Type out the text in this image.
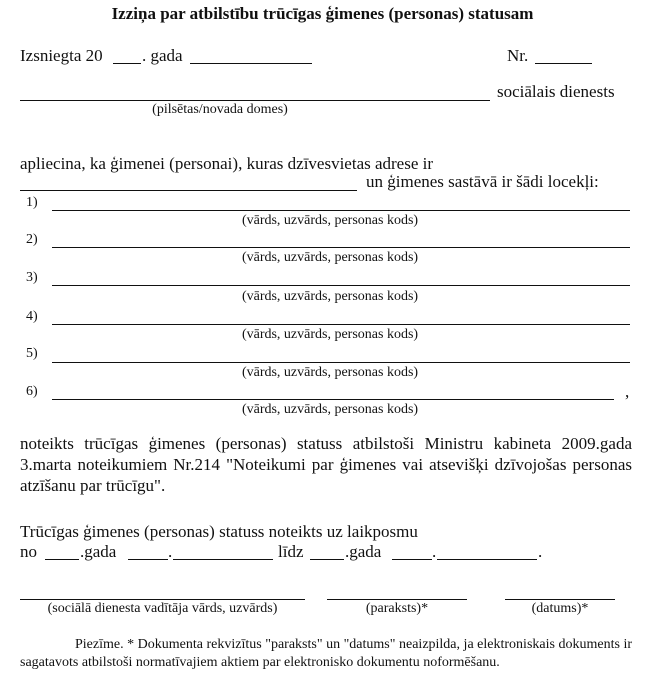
Izziņa par atbilstību trūcīgas ģimenes (personas) statusam
Izsniegta 20 . gada	Nr.
sociālais dienests
(pilsētas/novada domes)
apliecina, ka ģimenei (personai), kuras dzīvesvietas adrese ir
un ģimenes sastāvā ir šādi locekļi:
1)
(vārds, uzvārds, personas kods)
2)
(vārds, uzvārds, personas kods)
3)
(vārds, uzvārds, personas kods)
4)
(vārds, uzvārds, personas kods)
5)
(vārds, uzvārds, personas kods)
6)	,
(vārds, uzvārds, personas kods)
noteikts trūcīgas ģimenes (personas) statuss atbilstoši Ministru kabineta 2009.gada 3.marta noteikumiem Nr.214 "Noteikumi par ģimenes vai atsevišķi dzīvojošas personas atzīšanu par trūcīgu".
Trūcīgas ģimenes (personas) statuss noteikts uz laikposmu
no	.gada	.	līdz .gada	.	.
(sociālā dienesta vadītāja vārds, uzvārds)	(paraksts)*	(datums)*
Piezīme. * Dokumenta rekvizītus "paraksts" un "datums" neaizpilda, ja elektroniskais dokuments ir sagatavots atbilstoši normatīvajiem aktiem par elektronisko dokumentu noformēšanu.
